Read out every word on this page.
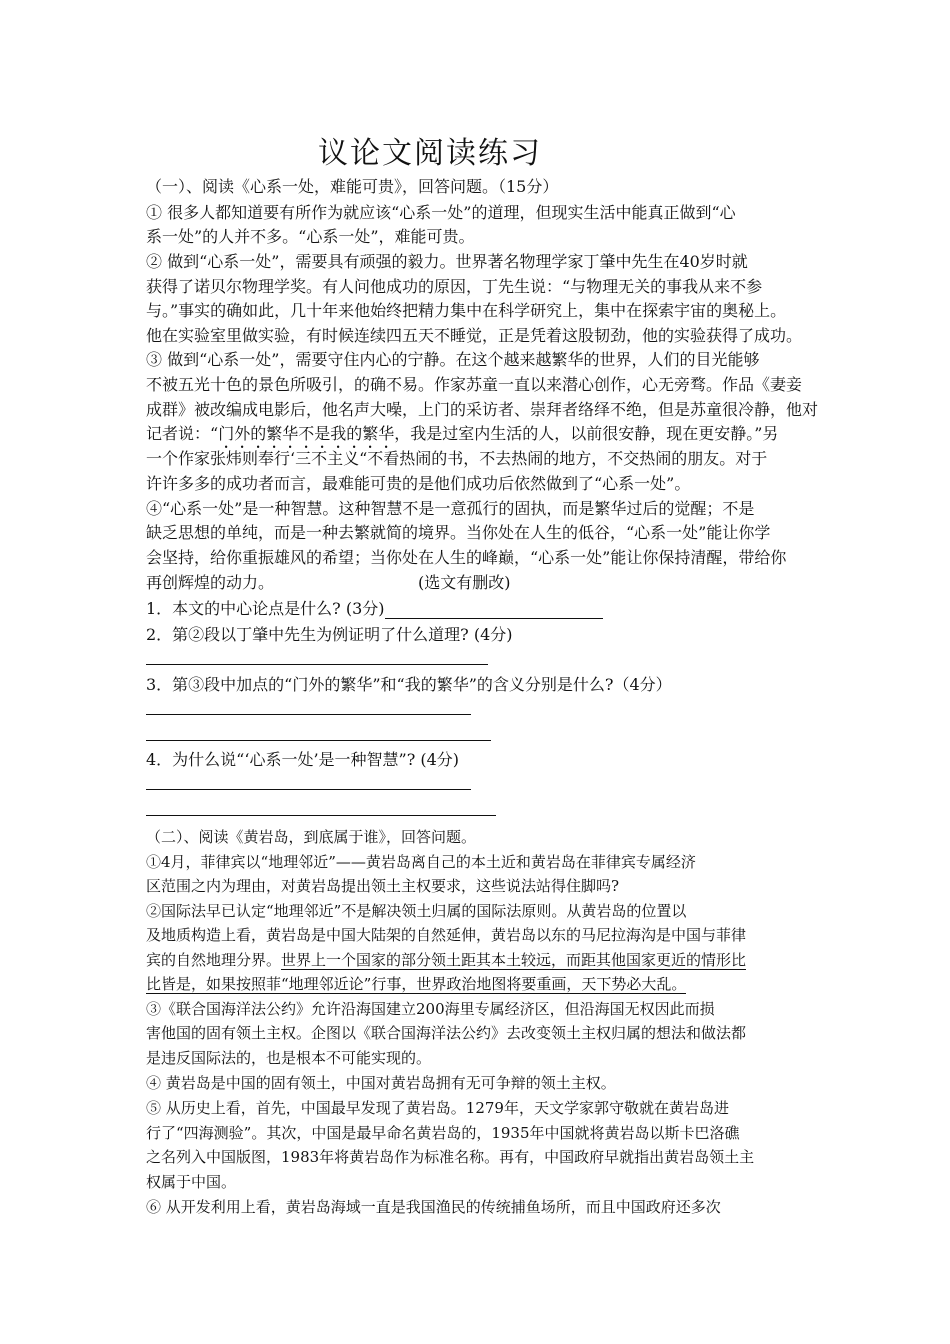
议论文阅读练习
（一）、阅读《心系一处，难能可贵》，回答问题。（15分）
① 很多人都知道要有所作为就应该“心系一处”的道理，但现实生活中能真正做到“心
系一处”的人并不多。“心系一处”，难能可贵。
② 做到“心系一处”，需要具有顽强的毅力。世界著名物理学家丁肇中先生在40岁时就
获得了诺贝尔物理学奖。有人问他成功的原因，丁先生说：“与物理无关的事我从来不参
与。”事实的确如此，几十年来他始终把精力集中在科学研究上，集中在探索宇宙的奥秘上。
他在实验室里做实验，有时候连续四五天不睡觉，正是凭着这股韧劲，他的实验获得了成功。
③ 做到“心系一处”，需要守住内心的宁静。在这个越来越繁华的世界，人们的目光能够
不被五光十色的景色所吸引，的确不易。作家苏童一直以来潜心创作，心无旁骛。作品《妻妾
成群》被改编成电影后，他名声大噪，上门的采访者、崇拜者络绎不绝，但是苏童很冷静，他对
记者说：“门外的繁华不是我的繁华，我是过室内生活的人，以前很安静，现在更安静。”另
一个作家张炜则奉行‘三不主义“不看热闹的书，不去热闹的地方，不交热闹的朋友。对于
许许多多的成功者而言，最难能可贵的是他们成功后依然做到了“心系一处”。
④“心系一处”是一种智慧。这种智慧不是一意孤行的固执，而是繁华过后的觉醒；不是
缺乏思想的单纯，而是一种去繁就简的境界。当你处在人生的低谷，“心系一处”能让你学
会坚持，给你重振雄风的希望；当你处在人生的峰巅，“心系一处”能让你保持清醒，带给你
再创辉煌的动力。	(选文有删改)
1．本文的中心论点是什么? (3分)
2．第②段以丁肇中先生为例证明了什么道理? (4分)
3．第③段中加点的“门外的繁华”和“我的繁华”的含义分别是什么?（4分）
4．为什么说“‘心系一处’是一种智慧”? (4分)
（二）、阅读《黄岩岛，到底属于谁》，回答问题。
①4月，菲律宾以“地理邻近”——黄岩岛离自己的本土近和黄岩岛在菲律宾专属经济
区范围之内为理由，对黄岩岛提出领土主权要求，这些说法站得住脚吗?
②国际法早已认定“地理邻近”不是解决领土归属的国际法原则。从黄岩岛的位置以
及地质构造上看，黄岩岛是中国大陆架的自然延伸，黄岩岛以东的马尼拉海沟是中国与菲律
宾的自然地理分界。世界上一个国家的部分领土距其本土较远，而距其他国家更近的情形比
比皆是，如果按照菲“地理邻近论”行事，世界政治地图将要重画，天下势必大乱。
③《联合国海洋法公约》允许沿海国建立200海里专属经济区，但沿海国无权因此而损
害他国的固有领土主权。企图以《联合国海洋法公约》去改变领土主权归属的想法和做法都
是违反国际法的，也是根本不可能实现的。
④ 黄岩岛是中国的固有领土，中国对黄岩岛拥有无可争辩的领土主权。
⑤ 从历史上看，首先，中国最早发现了黄岩岛。1279年，天文学家郭守敬就在黄岩岛进
行了“四海测验”。其次，中国是最早命名黄岩岛的，1935年中国就将黄岩岛以斯卡巴洛礁
之名列入中国版图，1983年将黄岩岛作为标准名称。再有，中国政府早就指出黄岩岛领土主
权属于中国。
⑥ 从开发利用上看，黄岩岛海域一直是我国渔民的传统捕鱼场所，而且中国政府还多次
